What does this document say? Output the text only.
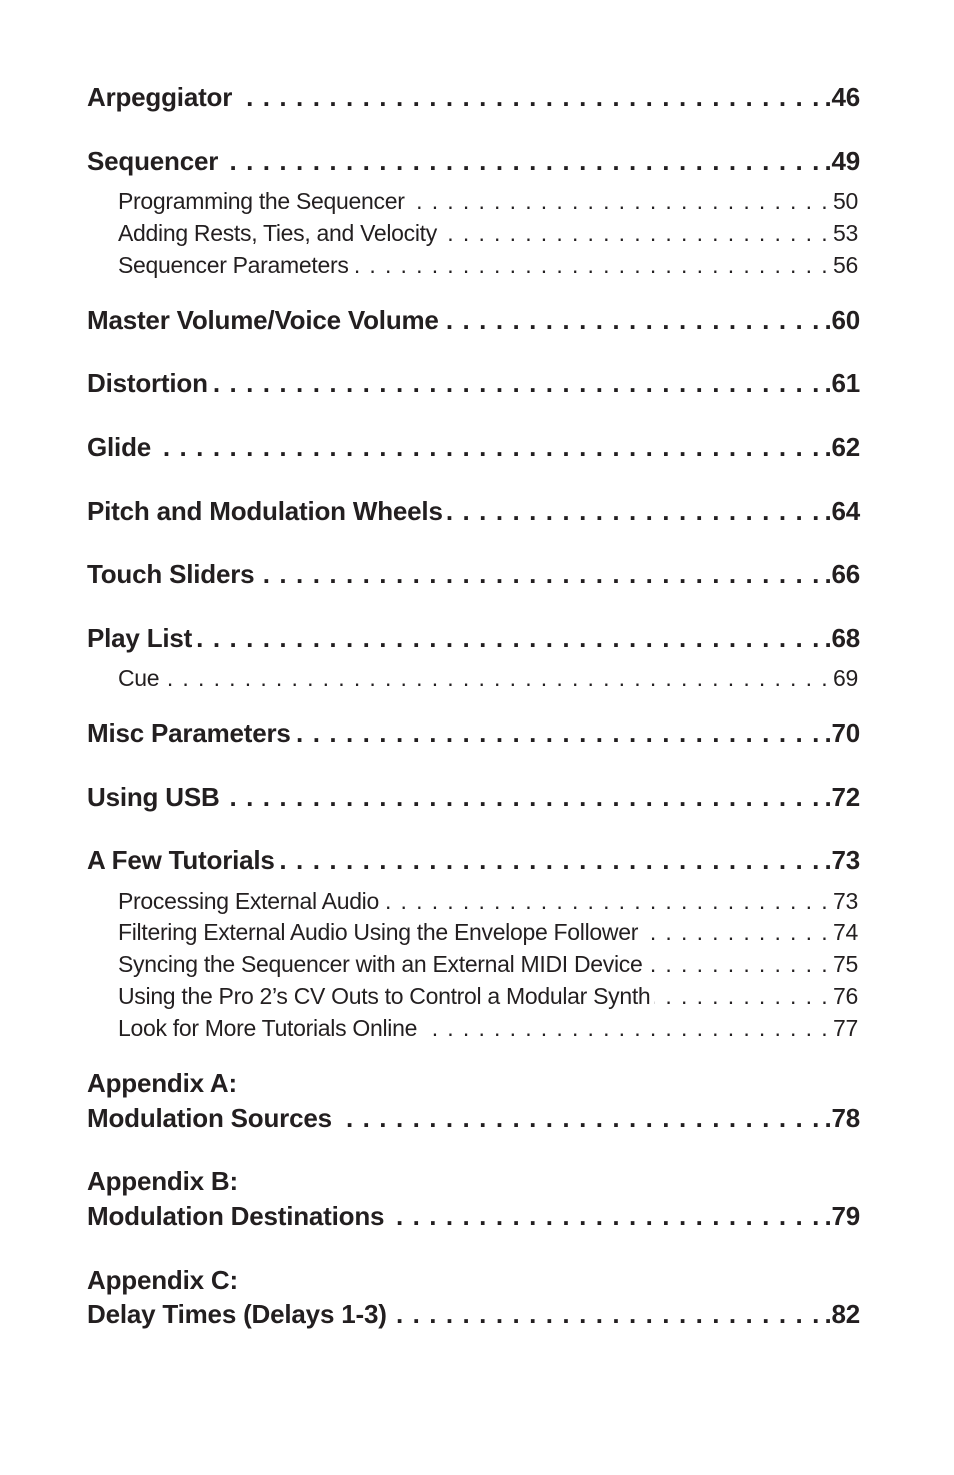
Arpeggiator . . .	.46
Sequencer . . .	.49
Programming the Sequencer . . .	50
Adding Rests, Ties, and Velocity . . .	53
Sequencer Parameters . . .	56
Master Volume/Voice Volume . . .	.60
Distortion . . .	.61
Glide . . .	.62
Pitch and Modulation Wheels . . .	.64
Touch Sliders . . .	.66
Play List . . .	.68
Cue . . .	69
Misc Parameters . . .	.70
Using USB . . .	.72
A Few Tutorials . . .	.73
Processing External Audio . . .	73
Filtering External Audio Using the Envelope Follower . . .	74
Syncing the Sequencer with an External MIDI Device . . .	75
Using the Pro 2’s CV Outs to Control a Modular Synth . . .	76
Look for More Tutorials Online . . .	77
Appendix A:
Modulation Sources . . .	.78
Appendix B:
Modulation Destinations . . .	.79
Appendix C:
Delay Times (Delays 1-3) . . .	.82
